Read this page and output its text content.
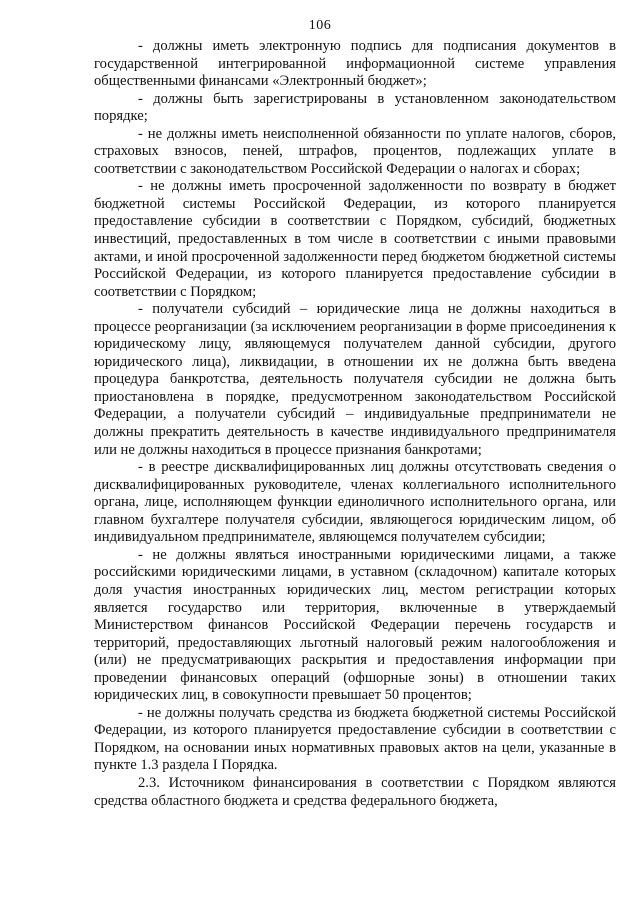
106

- должны иметь электронную подпись для подписания документов в государственной интегрированной информационной системе управления общественными финансами «Электронный бюджет»;

- должны быть зарегистрированы в установленном законодательством порядке;

- не должны иметь неисполненной обязанности по уплате налогов, сборов, страховых взносов, пеней, штрафов, процентов, подлежащих уплате в соответствии с законодательством Российской Федерации о налогах и сборах;

- не должны иметь просроченной задолженности по возврату в бюджет бюджетной системы Российской Федерации, из которого планируется предоставление субсидии в соответствии с Порядком, субсидий, бюджетных инвестиций, предоставленных в том числе в соответствии с иными правовыми актами, и иной просроченной задолженности перед бюджетом бюджетной системы Российской Федерации, из которого планируется предоставление субсидии в соответствии с Порядком;

- получатели субсидий – юридические лица не должны находиться в процессе реорганизации (за исключением реорганизации в форме присоединения к юридическому лицу, являющемуся получателем данной субсидии, другого юридического лица), ликвидации, в отношении их не должна быть введена процедура банкротства, деятельность получателя субсидии не должна быть приостановлена в порядке, предусмотренном законодательством Российской Федерации, а получатели субсидий – индивидуальные предприниматели не должны прекратить деятельность в качестве индивидуального предпринимателя или не должны находиться в процессе признания банкротами;

- в реестре дисквалифицированных лиц должны отсутствовать сведения о дисквалифицированных руководителе, членах коллегиального исполнительного органа, лице, исполняющем функции единоличного исполнительного органа, или главном бухгалтере получателя субсидии, являющегося юридическим лицом, об индивидуальном предпринимателе, являющемся получателем субсидии;

- не должны являться иностранными юридическими лицами, а также российскими юридическими лицами, в уставном (складочном) капитале которых доля участия иностранных юридических лиц, местом регистрации которых является государство или территория, включенные в утверждаемый Министерством финансов Российской Федерации перечень государств и территорий, предоставляющих льготный налоговый режим налогообложения и (или) не предусматривающих раскрытия и предоставления информации при проведении финансовых операций (офшорные зоны) в отношении таких юридических лиц, в совокупности превышает 50 процентов;

- не должны получать средства из бюджета бюджетной системы Российской Федерации, из которого планируется предоставление субсидии в соответствии с Порядком, на основании иных нормативных правовых актов на цели, указанные в пункте 1.3 раздела I Порядка.

2.3. Источником финансирования в соответствии с Порядком являются средства областного бюджета и средства федерального бюджета,
